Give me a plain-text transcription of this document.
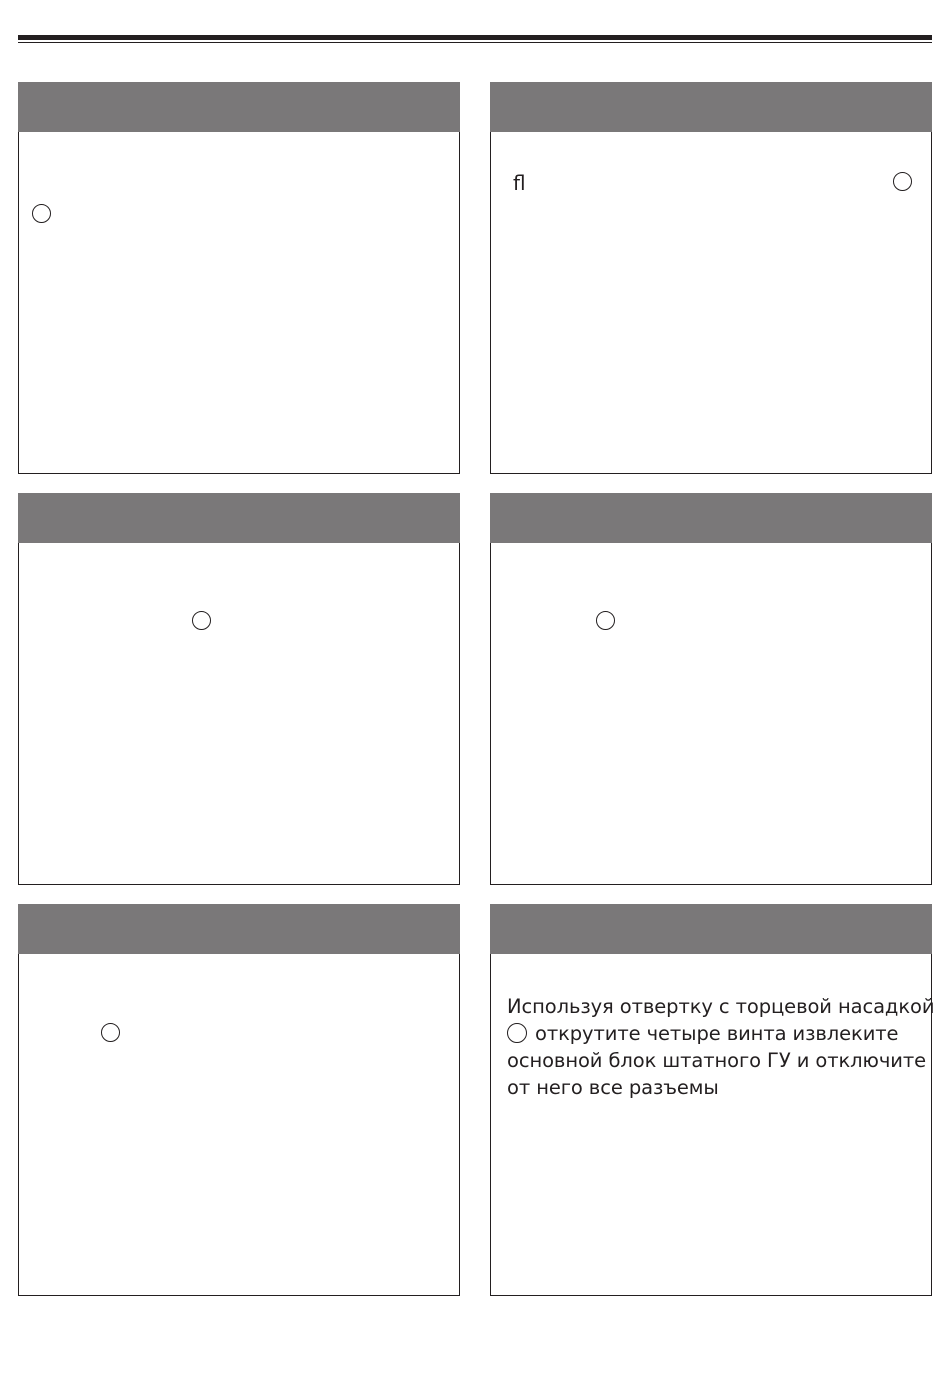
ﬂ

Используя отвертку с торцевой насадкой

открутите четыре винта извлеките

основной блок штатного ГУ и отключите

от него все разъемы
